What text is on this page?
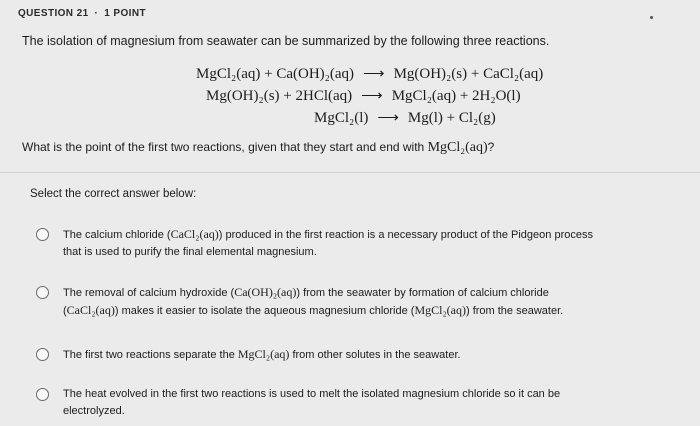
QUESTION 21 · 1 POINT
The isolation of magnesium from seawater can be summarized by the following three reactions.
MgCl₂(aq) + Ca(OH)₂(aq) ⟶ Mg(OH)₂(s) + CaCl₂(aq)
Mg(OH)₂(s) + 2HCl(aq) ⟶ MgCl₂(aq) + 2H₂O(l)
MgCl₂(l) ⟶ Mg(l) + Cl₂(g)
What is the point of the first two reactions, given that they start and end with MgCl₂(aq)?
Select the correct answer below:
The calcium chloride (CaCl₂(aq)) produced in the first reaction is a necessary product of the Pidgeon process
that is used to purify the final elemental magnesium.
The removal of calcium hydroxide (Ca(OH)₂(aq)) from the seawater by formation of calcium chloride
(CaCl₂(aq)) makes it easier to isolate the aqueous magnesium chloride (MgCl₂(aq)) from the seawater.
The first two reactions separate the MgCl₂(aq) from other solutes in the seawater.
The heat evolved in the first two reactions is used to melt the isolated magnesium chloride so it can be
electrolyzed.
